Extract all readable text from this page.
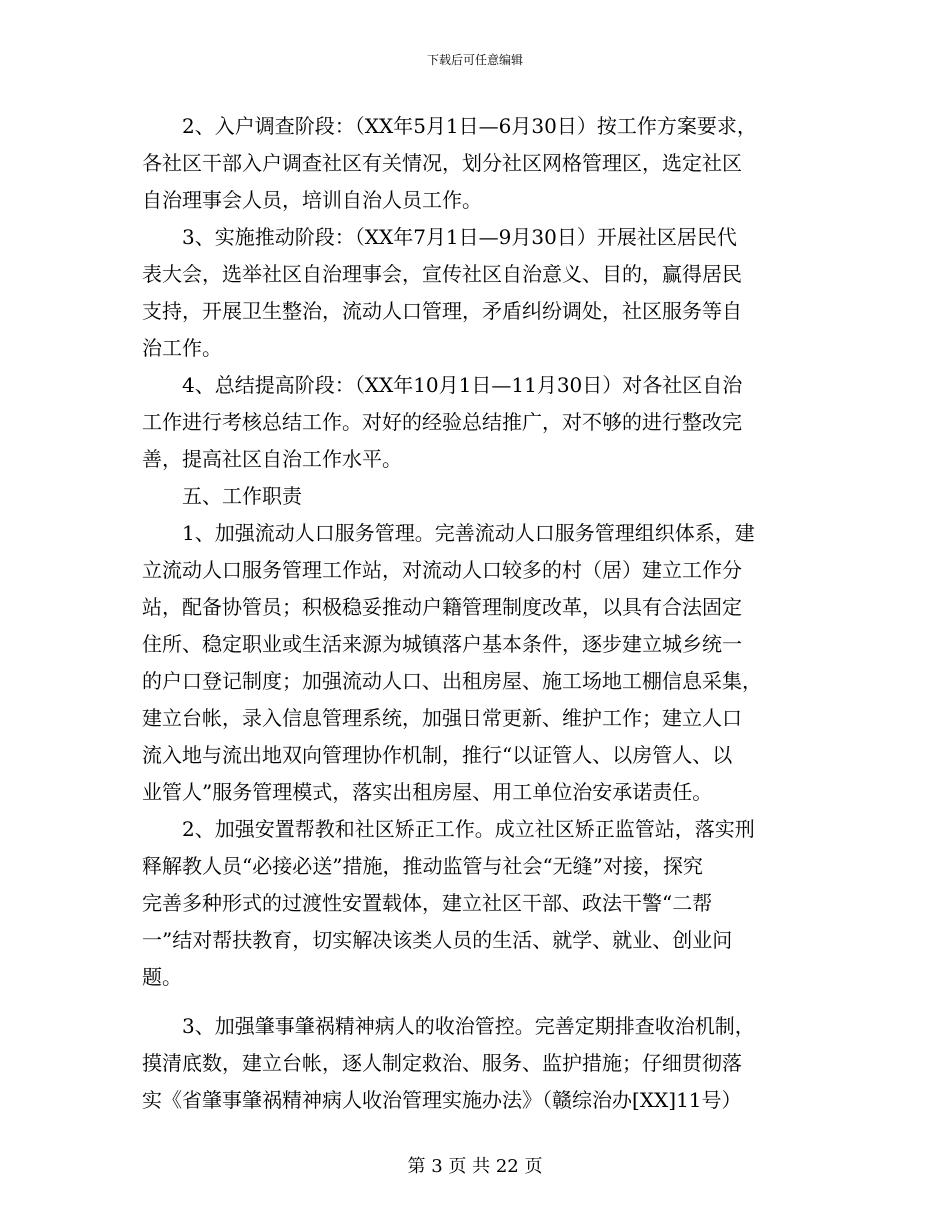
下载后可任意编辑
2、入户调查阶段：（XX年5月1日—6月30日）按工作方案要求，
各社区干部入户调查社区有关情况，划分社区网格管理区，选定社区
自治理事会人员，培训自治人员工作。
3、实施推动阶段：（XX年7月1日—9月30日）开展社区居民代
表大会，选举社区自治理事会，宣传社区自治意义、目的，赢得居民
支持，开展卫生整治，流动人口管理，矛盾纠纷调处，社区服务等自
治工作。
4、总结提高阶段：（XX年10月1日—11月30日）对各社区自治
工作进行考核总结工作。对好的经验总结推广，对不够的进行整改完
善，提高社区自治工作水平。
五、工作职责
1、加强流动人口服务管理。完善流动人口服务管理组织体系，建
立流动人口服务管理工作站，对流动人口较多的村（居）建立工作分
站，配备协管员；积极稳妥推动户籍管理制度改革，以具有合法固定
住所、稳定职业或生活来源为城镇落户基本条件，逐步建立城乡统一
的户口登记制度；加强流动人口、出租房屋、施工场地工棚信息采集，
建立台帐，录入信息管理系统，加强日常更新、维护工作；建立人口
流入地与流出地双向管理协作机制，推行“以证管人、以房管人、以
业管人”服务管理模式，落实出租房屋、用工单位治安承诺责任。
2、加强安置帮教和社区矫正工作。成立社区矫正监管站，落实刑
释解教人员“必接必送”措施，推动监管与社会“无缝”对接，探究
完善多种形式的过渡性安置载体，建立社区干部、政法干警“二帮
一”结对帮扶教育，切实解决该类人员的生活、就学、就业、创业问
题。
3、加强肇事肇祸精神病人的收治管控。完善定期排查收治机制，
摸清底数，建立台帐，逐人制定救治、服务、监护措施；仔细贯彻落
实《省肇事肇祸精神病人收治管理实施办法》（赣综治办[XX]11号）
第 3 页 共 22 页
